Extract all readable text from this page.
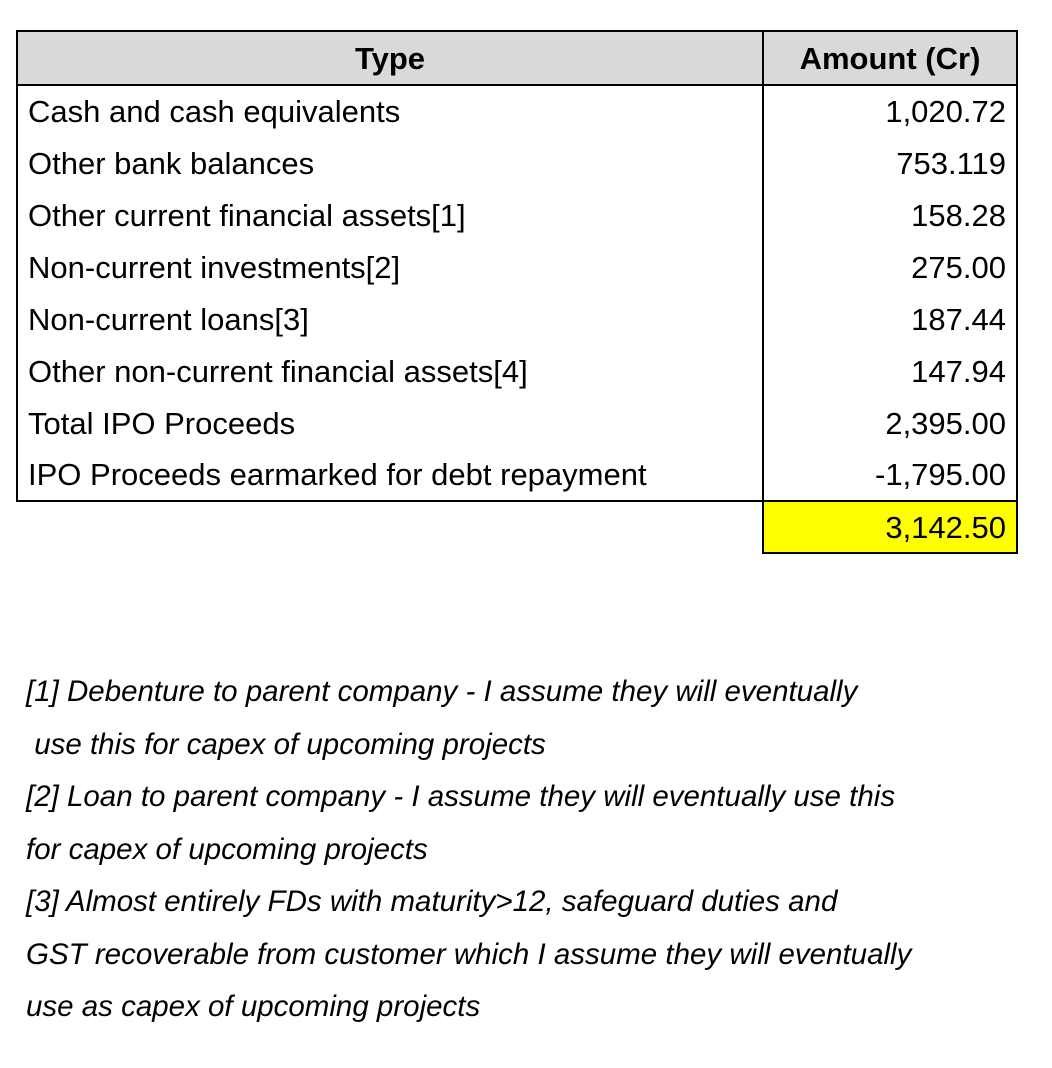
Type	Amount (Cr)
Cash and cash equivalents	1,020.72
Other bank balances	753.119
Other current financial assets[1]	158.28
Non-current investments[2]	275.00
Non-current loans[3]	187.44
Other non-current financial assets[4]	147.94
Total IPO Proceeds	2,395.00
IPO Proceeds earmarked for debt repayment	-1,795.00
	3,142.50

[1] Debenture to parent company - I assume they will eventually
use this for capex of upcoming projects

[2] Loan to parent company - I assume they will eventually use this
for capex of upcoming projects

[3] Almost entirely FDs with maturity>12, safeguard duties and
GST recoverable from customer which I assume they will eventually
use as capex of upcoming projects
